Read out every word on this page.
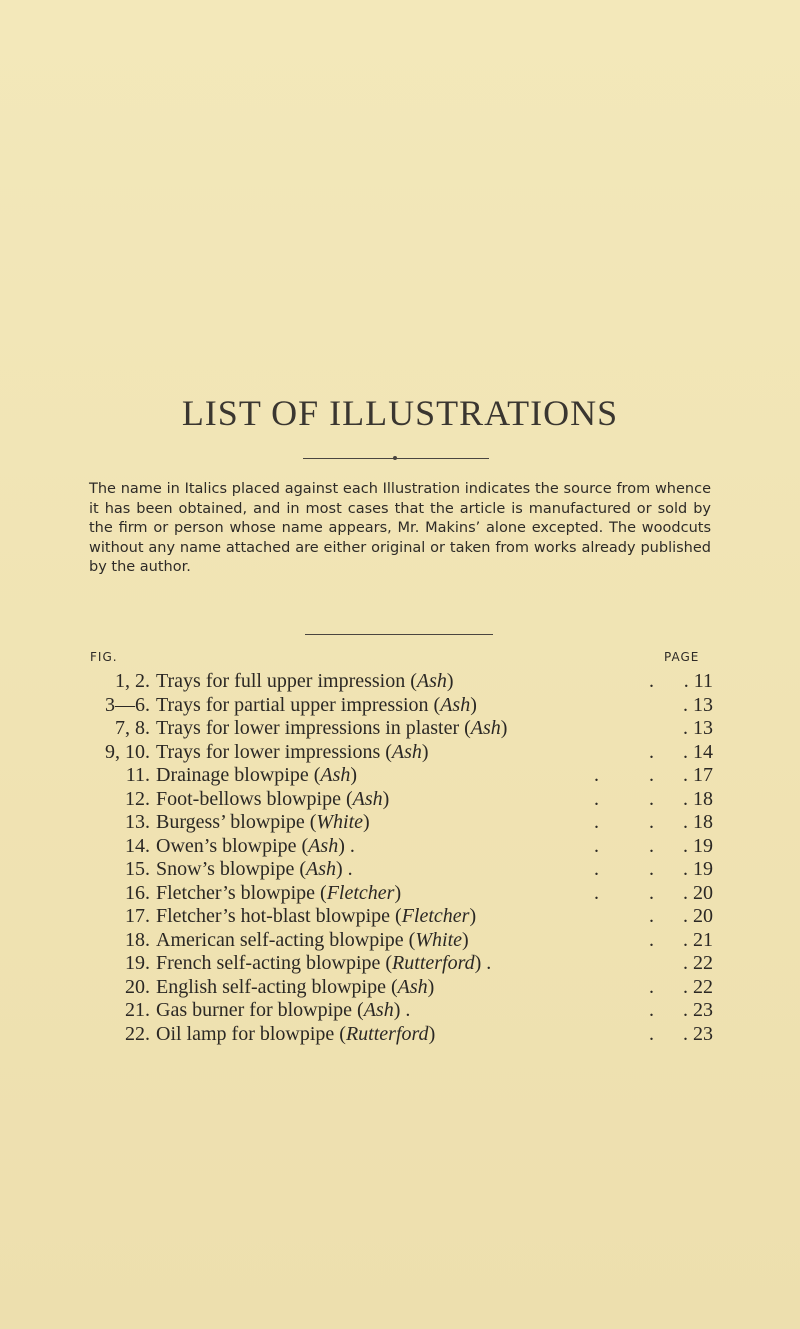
LIST OF ILLUSTRATIONS
The name in Italics placed against each Illustration indicates the source from whence it has been obtained, and in most cases that the article is manufactured or sold by the firm or person whose name appears, Mr. Makins’ alone excepted. The woodcuts without any name attached are either original or taken from works already published by the author.
FIG.	PAGE
1, 2. Trays for full upper impression (Ash)	. . 11
3—6. Trays for partial upper impression (Ash)	. 13
7, 8. Trays for lower impressions in plaster (Ash)	. 13
9, 10. Trays for lower impressions (Ash)	. . 14
11. Drainage blowpipe (Ash)	.	. . 17
12. Foot-bellows blowpipe (Ash)	.	. . 18
13. Burgess’ blowpipe (White)	.	. . 18
14. Owen’s blowpipe (Ash) .	.	. . 19
15. Snow’s blowpipe (Ash) .	.	. . 19
16. Fletcher’s blowpipe (Fletcher)	.	. . 20
17. Fletcher’s hot-blast blowpipe (Fletcher)	. . 20
18. American self-acting blowpipe (White)	. . 21
19. French self-acting blowpipe (Rutterford) .	. 22
20. English self-acting blowpipe (Ash)	. . 22
21. Gas burner for blowpipe (Ash) .	. . 23
22. Oil lamp for blowpipe (Rutterford)	. . 23
